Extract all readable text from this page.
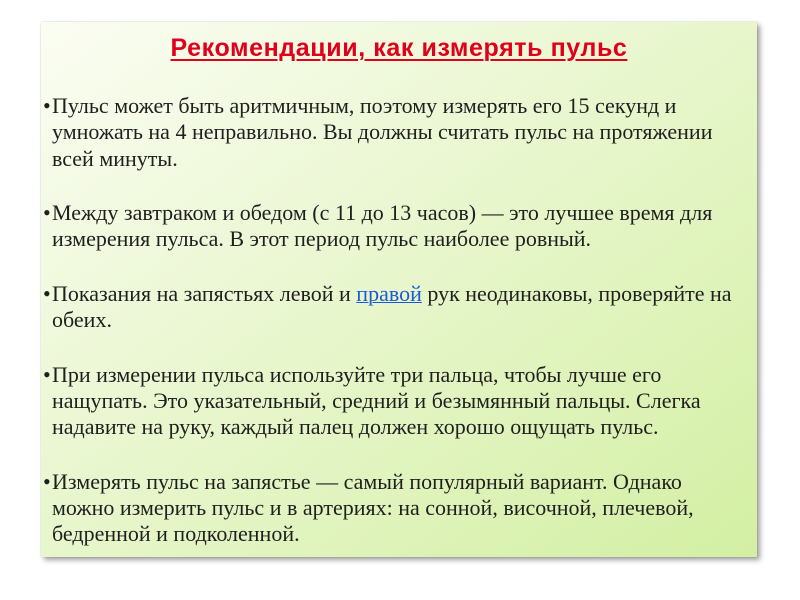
Рекомендации, как измерять пульс
• Пульс может быть аритмичным, поэтому измерять его 15 секунд и
умножать на 4 неправильно. Вы должны считать пульс на протяжении
всей минуты.
• Между завтраком и обедом (с 11 до 13 часов) — это лучшее время для
измерения пульса. В этот период пульс наиболее ровный.
• Показания на запястьях левой и правой рук неодинаковы, проверяйте на
обеих.
• При измерении пульса используйте три пальца, чтобы лучше его
нащупать. Это указательный, средний и безымянный пальцы. Слегка
надавите на руку, каждый палец должен хорошо ощущать пульс.
• Измерять пульс на запястье — самый популярный вариант. Однако
можно измерить пульс и в артериях: на сонной, височной, плечевой,
бедренной и подколенной.
